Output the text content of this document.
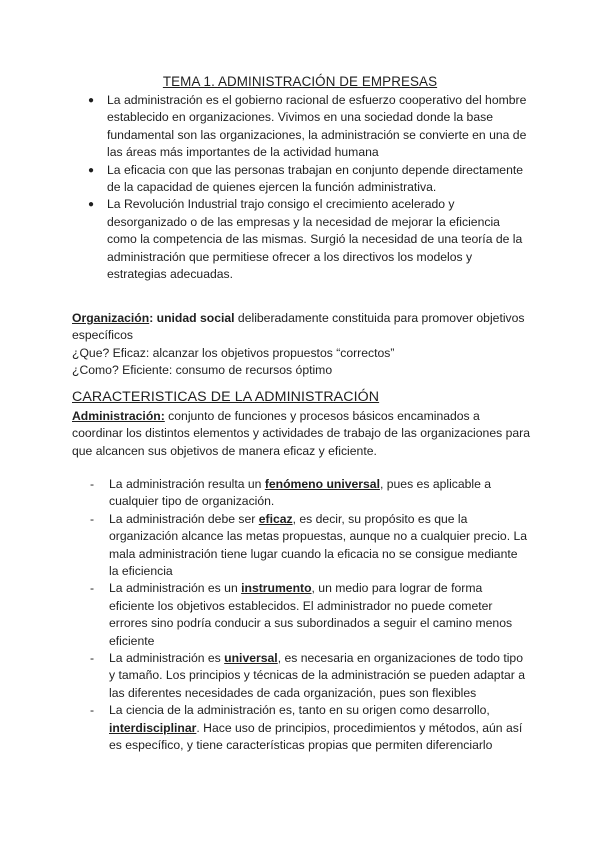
TEMA 1. ADMINISTRACIÓN DE EMPRESAS
● La administración es el gobierno racional de esfuerzo cooperativo del hombre establecido en organizaciones. Vivimos en una sociedad donde la base fundamental son las organizaciones, la administración se convierte en una de las áreas más importantes de la actividad humana
● La eficacia con que las personas trabajan en conjunto depende directamente de la capacidad de quienes ejercen la función administrativa.
● La Revolución Industrial trajo consigo el crecimiento acelerado y desorganizado o de las empresas y la necesidad de mejorar la eficiencia como la competencia de las mismas. Surgió la necesidad de una teoría de la administración que permitiese ofrecer a los directivos los modelos y estrategias adecuadas.
Organización: unidad social deliberadamente constituida para promover objetivos específicos
¿Que? Eficaz: alcanzar los objetivos propuestos “correctos”
¿Como? Eficiente: consumo de recursos óptimo
CARACTERISTICAS DE LA ADMINISTRACIÓN
Administración: conjunto de funciones y procesos básicos encaminados a coordinar los distintos elementos y actividades de trabajo de las organizaciones para que alcancen sus objetivos de manera eficaz y eficiente.
- La administración resulta un fenómeno universal, pues es aplicable a cualquier tipo de organización.
- La administración debe ser eficaz, es decir, su propósito es que la organización alcance las metas propuestas, aunque no a cualquier precio. La mala administración tiene lugar cuando la eficacia no se consigue mediante la eficiencia
- La administración es un instrumento, un medio para lograr de forma eficiente los objetivos establecidos. El administrador no puede cometer errores sino podría conducir a sus subordinados a seguir el camino menos eficiente
- La administración es universal, es necesaria en organizaciones de todo tipo y tamaño. Los principios y técnicas de la administración se pueden adaptar a las diferentes necesidades de cada organización, pues son flexibles
- La ciencia de la administración es, tanto en su origen como desarrollo, interdisciplinar. Hace uso de principios, procedimientos y métodos, aún así es específico, y tiene características propias que permiten diferenciarlo
